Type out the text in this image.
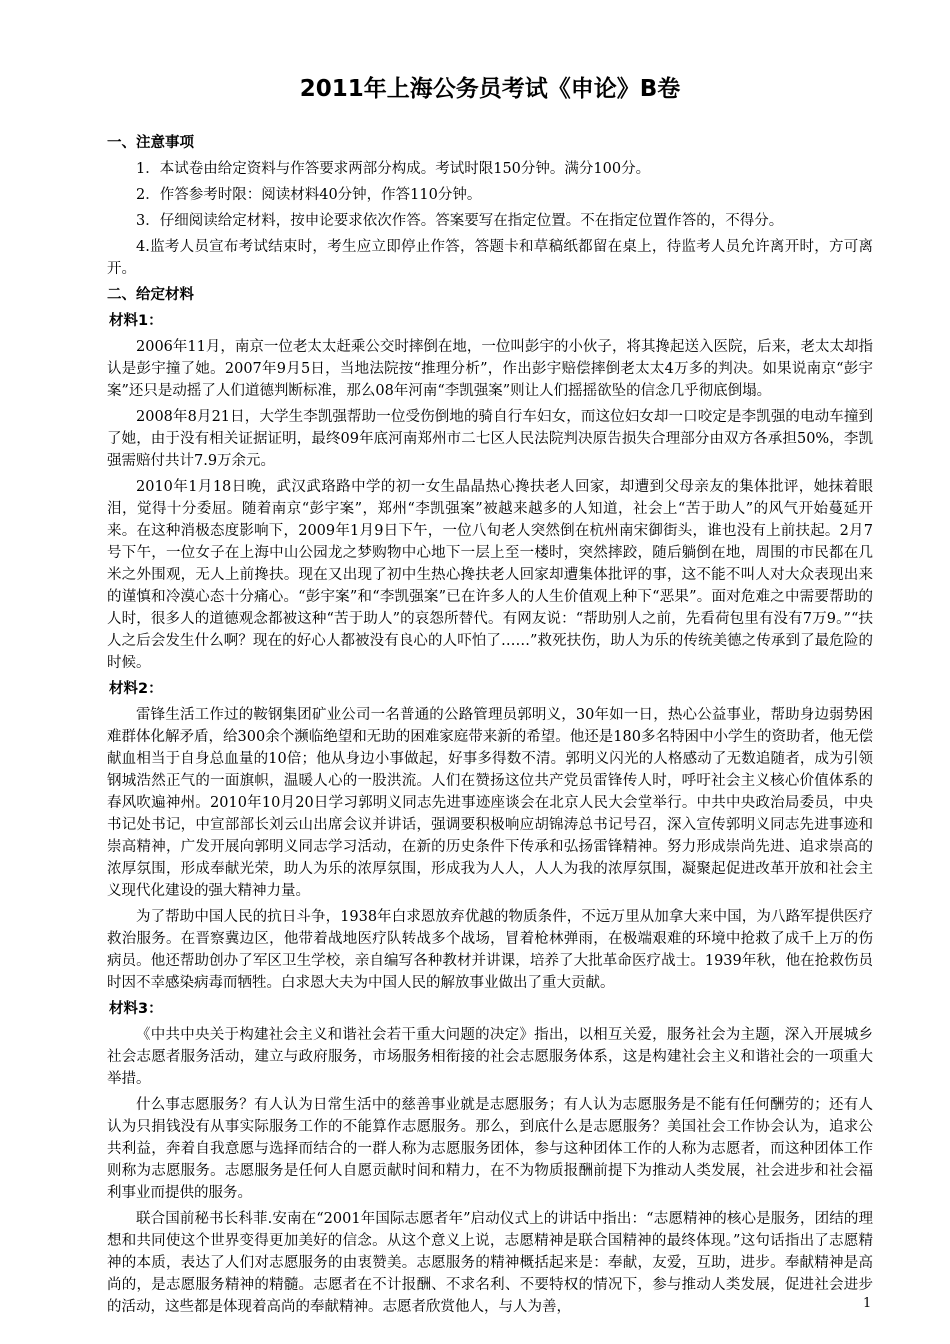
2011年上海公务员考试《申论》B卷
一、注意事项

1．本试卷由给定资料与作答要求两部分构成。考试时限150分钟。满分100分。

2．作答参考时限：阅读材料40分钟，作答110分钟。

3．仔细阅读给定材料，按申论要求依次作答。答案要写在指定位置。不在指定位置作答的，不得分。

4.监考人员宣布考试结束时，考生应立即停止作答，答题卡和草稿纸都留在桌上，待监考人员允许离开时，方可离开。

二、给定材料
材料1：

2006年11月，南京一位老太太赶乘公交时摔倒在地，一位叫彭宇的小伙子，将其搀起送入医院，后来，老太太却指认是彭宇撞了她。2007年9月5日，当地法院按“推理分析”，作出彭宇赔偿摔倒老太太4万多的判决。如果说南京“彭宇案”还只是动摇了人们道德判断标准，那么08年河南“李凯强案”则让人们摇摇欲坠的信念几乎彻底倒塌。

2008年8月21日，大学生李凯强帮助一位受伤倒地的骑自行车妇女，而这位妇女却一口咬定是李凯强的电动车撞到了她，由于没有相关证据证明，最终09年底河南郑州市二七区人民法院判决原告损失合理部分由双方各承担50%，李凯强需赔付共计7.9万余元。

2010年1月18日晚，武汉武珞路中学的初一女生晶晶热心搀扶老人回家，却遭到父母亲友的集体批评，她抹着眼泪，觉得十分委屈。随着南京“彭宇案”，郑州“李凯强案”被越来越多的人知道，社会上“苦于助人”的风气开始蔓延开来。在这种消极态度影响下，2009年1月9日下午，一位八旬老人突然倒在杭州南宋御街头，谁也没有上前扶起。2月7号下午，一位女子在上海中山公园龙之梦购物中心地下一层上至一楼时，突然摔跤，随后躺倒在地，周围的市民都在几米之外围观，无人上前搀扶。现在又出现了初中生热心搀扶老人回家却遭集体批评的事，这不能不叫人对大众表现出来的谨慎和冷漠心态十分痛心。“彭宇案”和“李凯强案”已在许多人的人生价值观上种下“恶果”。面对危难之中需要帮助的人时，很多人的道德观念都被这种“苦于助人”的哀怨所替代。有网友说：“帮助别人之前，先看荷包里有没有7万9。”“扶人之后会发生什么啊？现在的好心人都被没有良心的人吓怕了……”救死扶伤，助人为乐的传统美德之传承到了最危险的时候。

材料2：

雷锋生活工作过的鞍钢集团矿业公司一名普通的公路管理员郭明义，30年如一日，热心公益事业，帮助身边弱势困难群体化解矛盾，给300余个濒临绝望和无助的困难家庭带来新的希望。他还是180多名特困中小学生的资助者，他无偿献血相当于自身总血量的10倍；他从身边小事做起，好事多得数不清。郭明义闪光的人格感动了无数追随者，成为引领钢城浩然正气的一面旗帜，温暖人心的一股洪流。人们在赞扬这位共产党员雷锋传人时，呼吁社会主义核心价值体系的春风吹遍神州。2010年10月20日学习郭明义同志先进事迹座谈会在北京人民大会堂举行。中共中央政治局委员，中央书记处书记，中宣部部长刘云山出席会议并讲话，强调要积极响应胡锦涛总书记号召，深入宣传郭明义同志先进事迹和崇高精神，广发开展向郭明义同志学习活动，在新的历史条件下传承和弘扬雷锋精神。努力形成崇尚先进、追求崇高的浓厚氛围，形成奉献光荣，助人为乐的浓厚氛围，形成我为人人，人人为我的浓厚氛围，凝聚起促进改革开放和社会主义现代化建设的强大精神力量。

为了帮助中国人民的抗日斗争，1938年白求恩放弃优越的物质条件，不远万里从加拿大来中国，为八路军提供医疗救治服务。在晋察冀边区，他带着战地医疗队转战多个战场，冒着枪林弹雨，在极端艰难的环境中抢救了成千上万的伤病员。他还帮助创办了军区卫生学校，亲自编写各种教材并讲课，培养了大批革命医疗战士。1939年秋，他在抢救伤员时因不幸感染病毒而牺牲。白求恩大夫为中国人民的解放事业做出了重大贡献。

材料3：

《中共中央关于构建社会主义和谐社会若干重大问题的决定》指出，以相互关爱，服务社会为主题，深入开展城乡社会志愿者服务活动，建立与政府服务，市场服务相衔接的社会志愿服务体系，这是构建社会主义和谐社会的一项重大举措。

什么事志愿服务？有人认为日常生活中的慈善事业就是志愿服务；有人认为志愿服务是不能有任何酬劳的；还有人认为只捐钱没有从事实际服务工作的不能算作志愿服务。那么，到底什么是志愿服务？美国社会工作协会认为，追求公共利益，奔着自我意愿与选择而结合的一群人称为志愿服务团体，参与这种团体工作的人称为志愿者，而这种团体工作则称为志愿服务。志愿服务是任何人自愿贡献时间和精力，在不为物质报酬前提下为推动人类发展，社会进步和社会福利事业而提供的服务。

联合国前秘书长科菲.安南在“2001年国际志愿者年”启动仪式上的讲话中指出：“志愿精神的核心是服务，团结的理想和共同使这个世界变得更加美好的信念。从这个意义上说，志愿精神是联合国精神的最终体现。”这句话指出了志愿精神的本质，表达了人们对志愿服务的由衷赞美。志愿服务的精神概括起来是：奉献，友爱，互助，进步。奉献精神是高尚的，是志愿服务精神的精髓。志愿者在不计报酬、不求名利、不要特权的情况下，参与推动人类发展，促进社会进步的活动，这些都是体现着高尚的奉献精神。志愿者欣赏他人，与人为善，	1
